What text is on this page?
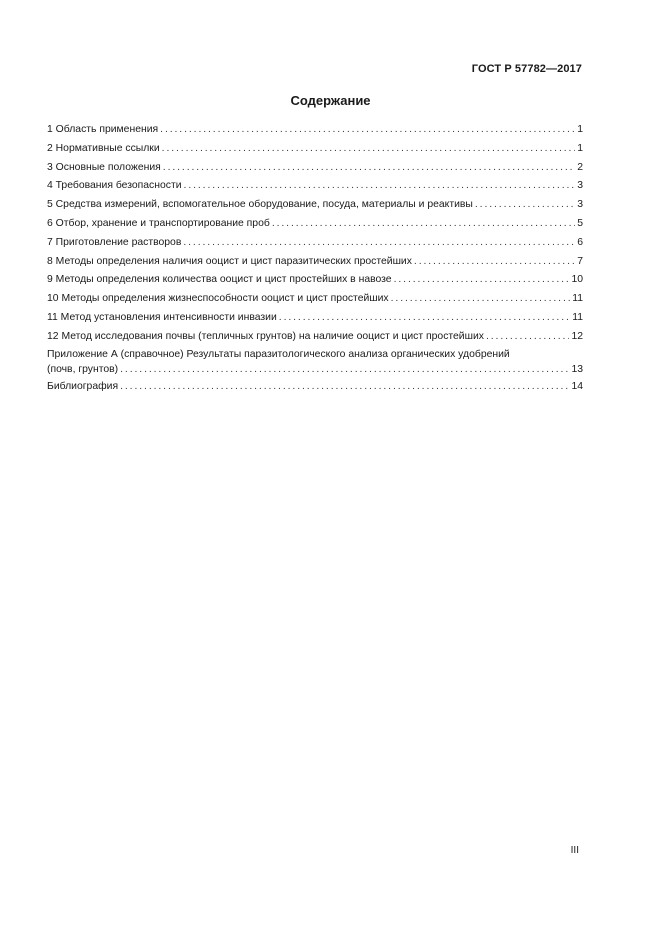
ГОСТ Р 57782—2017
Содержание
1 Область применения .....	1
2 Нормативные ссылки .....	1
3 Основные положения .....	2
4 Требования безопасности .....	3
5 Средства измерений, вспомогательное оборудование, посуда, материалы и реактивы .....	3
6 Отбор, хранение и транспортирование проб .....	5
7 Приготовление растворов .....	6
8 Методы определения наличия ооцист и цист паразитических простейших .....	7
9 Методы определения количества ооцист и цист простейших в навозе .....	10
10 Методы определения жизнеспособности ооцист и цист простейших .....	11
11 Метод установления интенсивности инвазии .....	11
12 Метод исследования почвы (тепличных грунтов) на наличие ооцист и цист простейших .....	12
Приложение А (справочное) Результаты паразитологического анализа органических удобрений
(почв, грунтов) .....	13
Библиография .....	14
III
